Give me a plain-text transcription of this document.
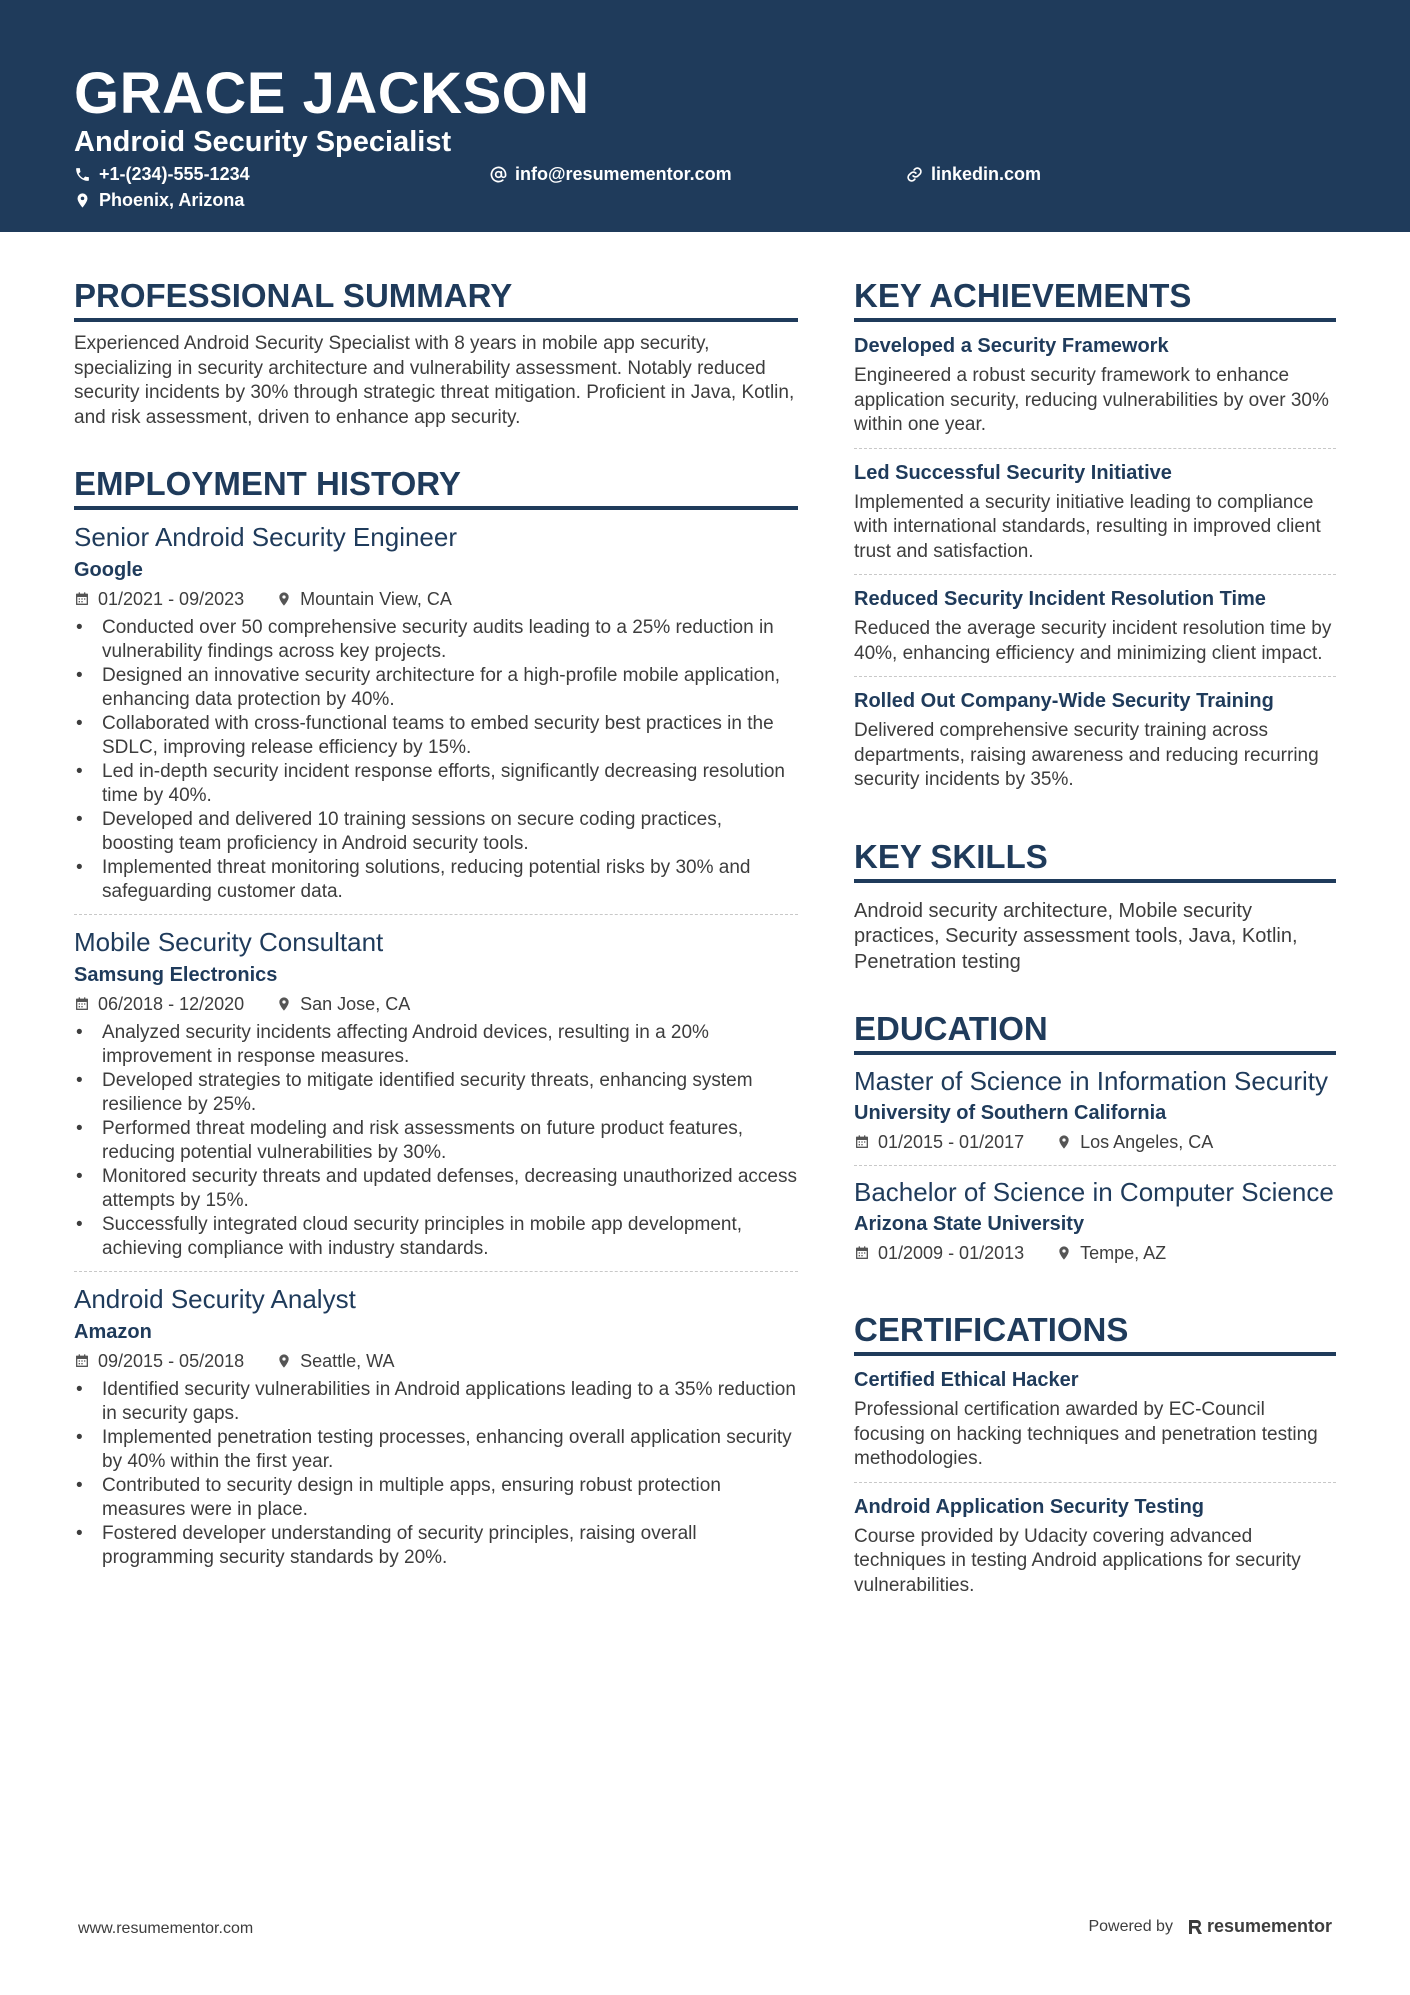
GRACE JACKSON
Android Security Specialist
+1-(234)-555-1234	info@resumementor.com	linkedin.com
Phoenix, Arizona
PROFESSIONAL SUMMARY

Experienced Android Security Specialist with 8 years in mobile app security, specializing in security architecture and vulnerability assessment. Notably reduced security incidents by 30% through strategic threat mitigation. Proficient in Java, Kotlin, and risk assessment, driven to enhance app security.

EMPLOYMENT HISTORY
Senior Android Security Engineer
Google
01/2021 - 09/2023	Mountain View, CA
• Conducted over 50 comprehensive security audits leading to a 25% reduction in vulnerability findings across key projects.
• Designed an innovative security architecture for a high-profile mobile application, enhancing data protection by 40%.
• Collaborated with cross-functional teams to embed security best practices in the SDLC, improving release efficiency by 15%.
• Led in-depth security incident response efforts, significantly decreasing resolution time by 40%.
• Developed and delivered 10 training sessions on secure coding practices, boosting team proficiency in Android security tools.
• Implemented threat monitoring solutions, reducing potential risks by 30% and safeguarding customer data.
Mobile Security Consultant
Samsung Electronics
06/2018 - 12/2020	San Jose, CA
• Analyzed security incidents affecting Android devices, resulting in a 20% improvement in response measures.
• Developed strategies to mitigate identified security threats, enhancing system resilience by 25%.
• Performed threat modeling and risk assessments on future product features, reducing potential vulnerabilities by 30%.
• Monitored security threats and updated defenses, decreasing unauthorized access attempts by 15%.
• Successfully integrated cloud security principles in mobile app development, achieving compliance with industry standards.
Android Security Analyst
Amazon
09/2015 - 05/2018	Seattle, WA
• Identified security vulnerabilities in Android applications leading to a 35% reduction in security gaps.
• Implemented penetration testing processes, enhancing overall application security by 40% within the first year.
• Contributed to security design in multiple apps, ensuring robust protection measures were in place.
• Fostered developer understanding of security principles, raising overall programming security standards by 20%.
KEY ACHIEVEMENTS
Developed a Security Framework

Engineered a robust security framework to enhance application security, reducing vulnerabilities by over 30% within one year.

Led Successful Security Initiative

Implemented a security initiative leading to compliance with international standards, resulting in improved client trust and satisfaction.

Reduced Security Incident Resolution Time

Reduced the average security incident resolution time by 40%, enhancing efficiency and minimizing client impact.

Rolled Out Company-Wide Security Training

Delivered comprehensive security training across departments, raising awareness and reducing recurring security incidents by 35%.

KEY SKILLS

Android security architecture, Mobile security practices, Security assessment tools, Java, Kotlin, Penetration testing

EDUCATION
Master of Science in Information Security
University of Southern California
01/2015 - 01/2017	Los Angeles, CA
Bachelor of Science in Computer Science
Arizona State University
01/2009 - 01/2013	Tempe, AZ
CERTIFICATIONS
Certified Ethical Hacker

Professional certification awarded by EC-Council focusing on hacking techniques and penetration testing methodologies.

Android Application Security Testing

Course provided by Udacity covering advanced techniques in testing Android applications for security vulnerabilities.

www.resumementor.com	Powered by resumementor
